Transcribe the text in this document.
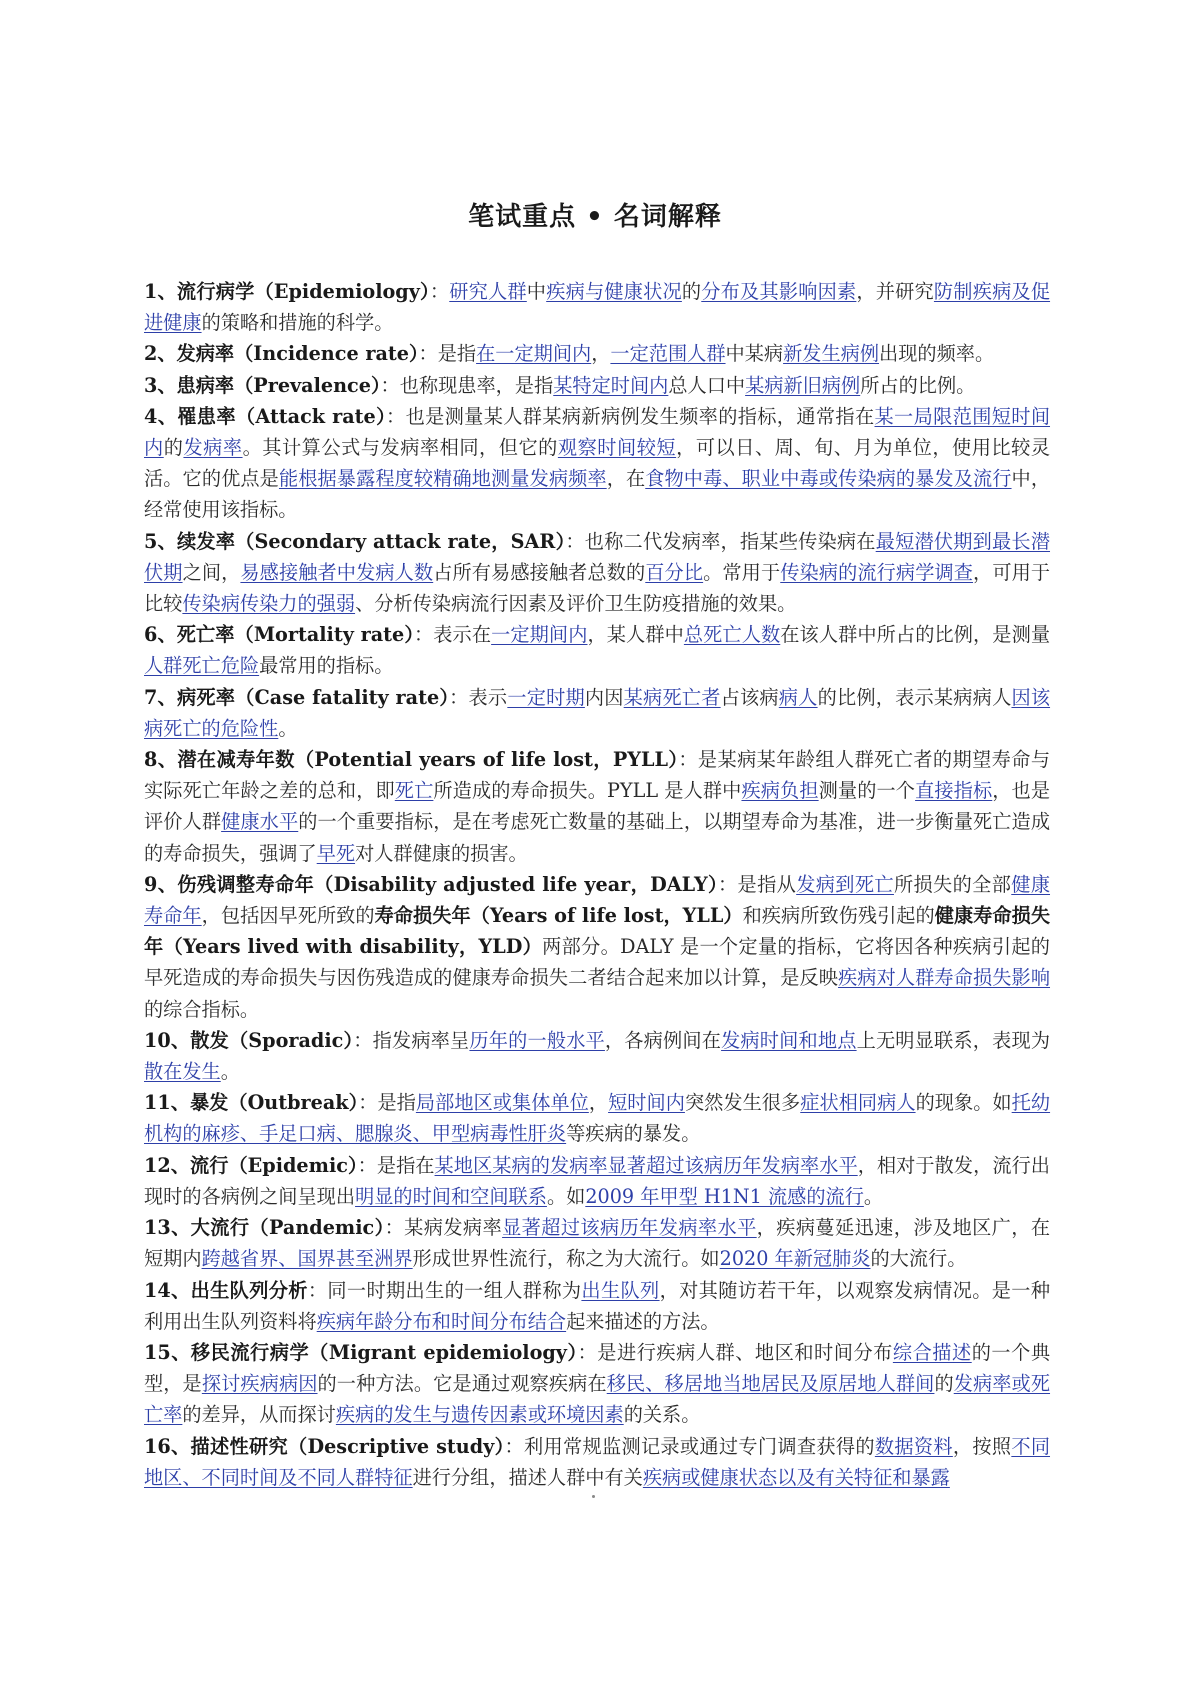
笔试重点 • 名词解释

1、流行病学（Epidemiology）：研究人群中疾病与健康状况的分布及其影响因素，并研究防制疾病及促进健康的策略和措施的科学。

2、发病率（Incidence rate）：是指在一定期间内，一定范围人群中某病新发生病例出现的频率。

3、患病率（Prevalence）：也称现患率，是指某特定时间内总人口中某病新旧病例所占的比例。

4、罹患率（Attack rate）：也是测量某人群某病新病例发生频率的指标，通常指在某一局限范围短时间内的发病率。其计算公式与发病率相同，但它的观察时间较短，可以日、周、旬、月为单位，使用比较灵活。它的优点是能根据暴露程度较精确地测量发病频率，在食物中毒、职业中毒或传染病的暴发及流行中，经常使用该指标。

5、续发率（Secondary attack rate，SAR）：也称二代发病率，指某些传染病在最短潜伏期到最长潜伏期之间，易感接触者中发病人数占所有易感接触者总数的百分比。常用于传染病的流行病学调查，可用于比较传染病传染力的强弱、分析传染病流行因素及评价卫生防疫措施的效果。

6、死亡率（Mortality rate）：表示在一定期间内，某人群中总死亡人数在该人群中所占的比例，是测量人群死亡危险最常用的指标。

7、病死率（Case fatality rate）：表示一定时期内因某病死亡者占该病病人的比例，表示某病病人因该病死亡的危险性。

8、潜在减寿年数（Potential years of life lost，PYLL）：是某病某年龄组人群死亡者的期望寿命与实际死亡年龄之差的总和，即死亡所造成的寿命损失。PYLL 是人群中疾病负担测量的一个直接指标，也是评价人群健康水平的一个重要指标，是在考虑死亡数量的基础上，以期望寿命为基准，进一步衡量死亡造成的寿命损失，强调了早死对人群健康的损害。

9、伤残调整寿命年（Disability adjusted life year，DALY）：是指从发病到死亡所损失的全部健康寿命年，包括因早死所致的寿命损失年（Years of life lost，YLL）和疾病所致伤残引起的健康寿命损失年（Years lived with disability，YLD）两部分。DALY 是一个定量的指标，它将因各种疾病引起的早死造成的寿命损失与因伤残造成的健康寿命损失二者结合起来加以计算，是反映疾病对人群寿命损失影响的综合指标。

10、散发（Sporadic）：指发病率呈历年的一般水平，各病例间在发病时间和地点上无明显联系，表现为散在发生。

11、暴发（Outbreak）：是指局部地区或集体单位，短时间内突然发生很多症状相同病人的现象。如托幼机构的麻疹、手足口病、腮腺炎、甲型病毒性肝炎等疾病的暴发。

12、流行（Epidemic）：是指在某地区某病的发病率显著超过该病历年发病率水平，相对于散发，流行出现时的各病例之间呈现出明显的时间和空间联系。如2009 年甲型 H1N1 流感的流行。

13、大流行（Pandemic）：某病发病率显著超过该病历年发病率水平，疾病蔓延迅速，涉及地区广，在短期内跨越省界、国界甚至洲界形成世界性流行，称之为大流行。如2020 年新冠肺炎的大流行。

14、出生队列分析：同一时期出生的一组人群称为出生队列，对其随访若干年，以观察发病情况。是一种利用出生队列资料将疾病年龄分布和时间分布结合起来描述的方法。

15、移民流行病学（Migrant epidemiology）：是进行疾病人群、地区和时间分布综合描述的一个典型，是探讨疾病病因的一种方法。它是通过观察疾病在移民、移居地当地居民及原居地人群间的发病率或死亡率的差异，从而探讨疾病的发生与遗传因素或环境因素的关系。

16、描述性研究（Descriptive study）：利用常规监测记录或通过专门调查获得的数据资料，按照不同地区、不同时间及不同人群特征进行分组，描述人群中有关疾病或健康状态以及有关特征和暴露
